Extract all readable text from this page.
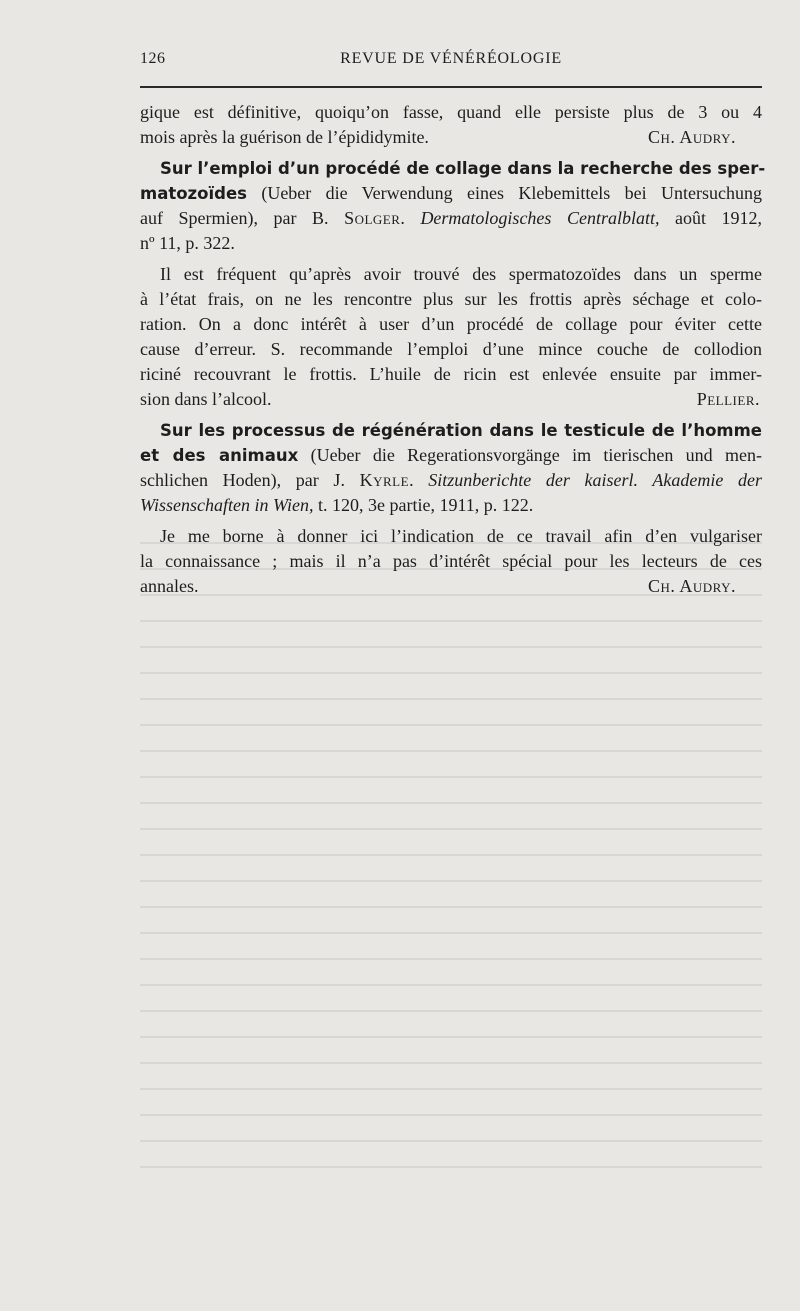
126	REVUE DE VÉNÉRÉOLOGIE
gique est définitive, quoiqu’on fasse, quand elle persiste plus de 3 ou 4
mois après la guérison de l’épididymite.	Ch. Audry.
Sur l’emploi d’un procédé de collage dans la recherche des sper-
matozoïdes (Ueber die Verwendung eines Klebemittels bei Untersuchung
auf Spermien), par B. Solger. Dermatologisches Centralblatt, août 1912,
nº 11, p. 322.
Il est fréquent qu’après avoir trouvé des spermatozoïdes dans un sperme
à l’état frais, on ne les rencontre plus sur les frottis après séchage et colo-
ration. On a donc intérêt à user d’un procédé de collage pour éviter cette
cause d’erreur. S. recommande l’emploi d’une mince couche de collodion
riciné recouvrant le frottis. L’huile de ricin est enlevée ensuite par immer-
sion dans l’alcool.	Pellier.
Sur les processus de régénération dans le testicule de l’homme
et des animaux (Ueber die Regerationsvorgänge im tierischen und men-
schlichen Hoden), par J. Kyrle. Sitzunberichte der kaiserl. Akademie der
Wissenschaften in Wien, t. 120, 3e partie, 1911, p. 122.
Je me borne à donner ici l’indication de ce travail afin d’en vulgariser
la connaissance ; mais il n’a pas d’intérêt spécial pour les lecteurs de ces
annales.	Ch. Audry.
